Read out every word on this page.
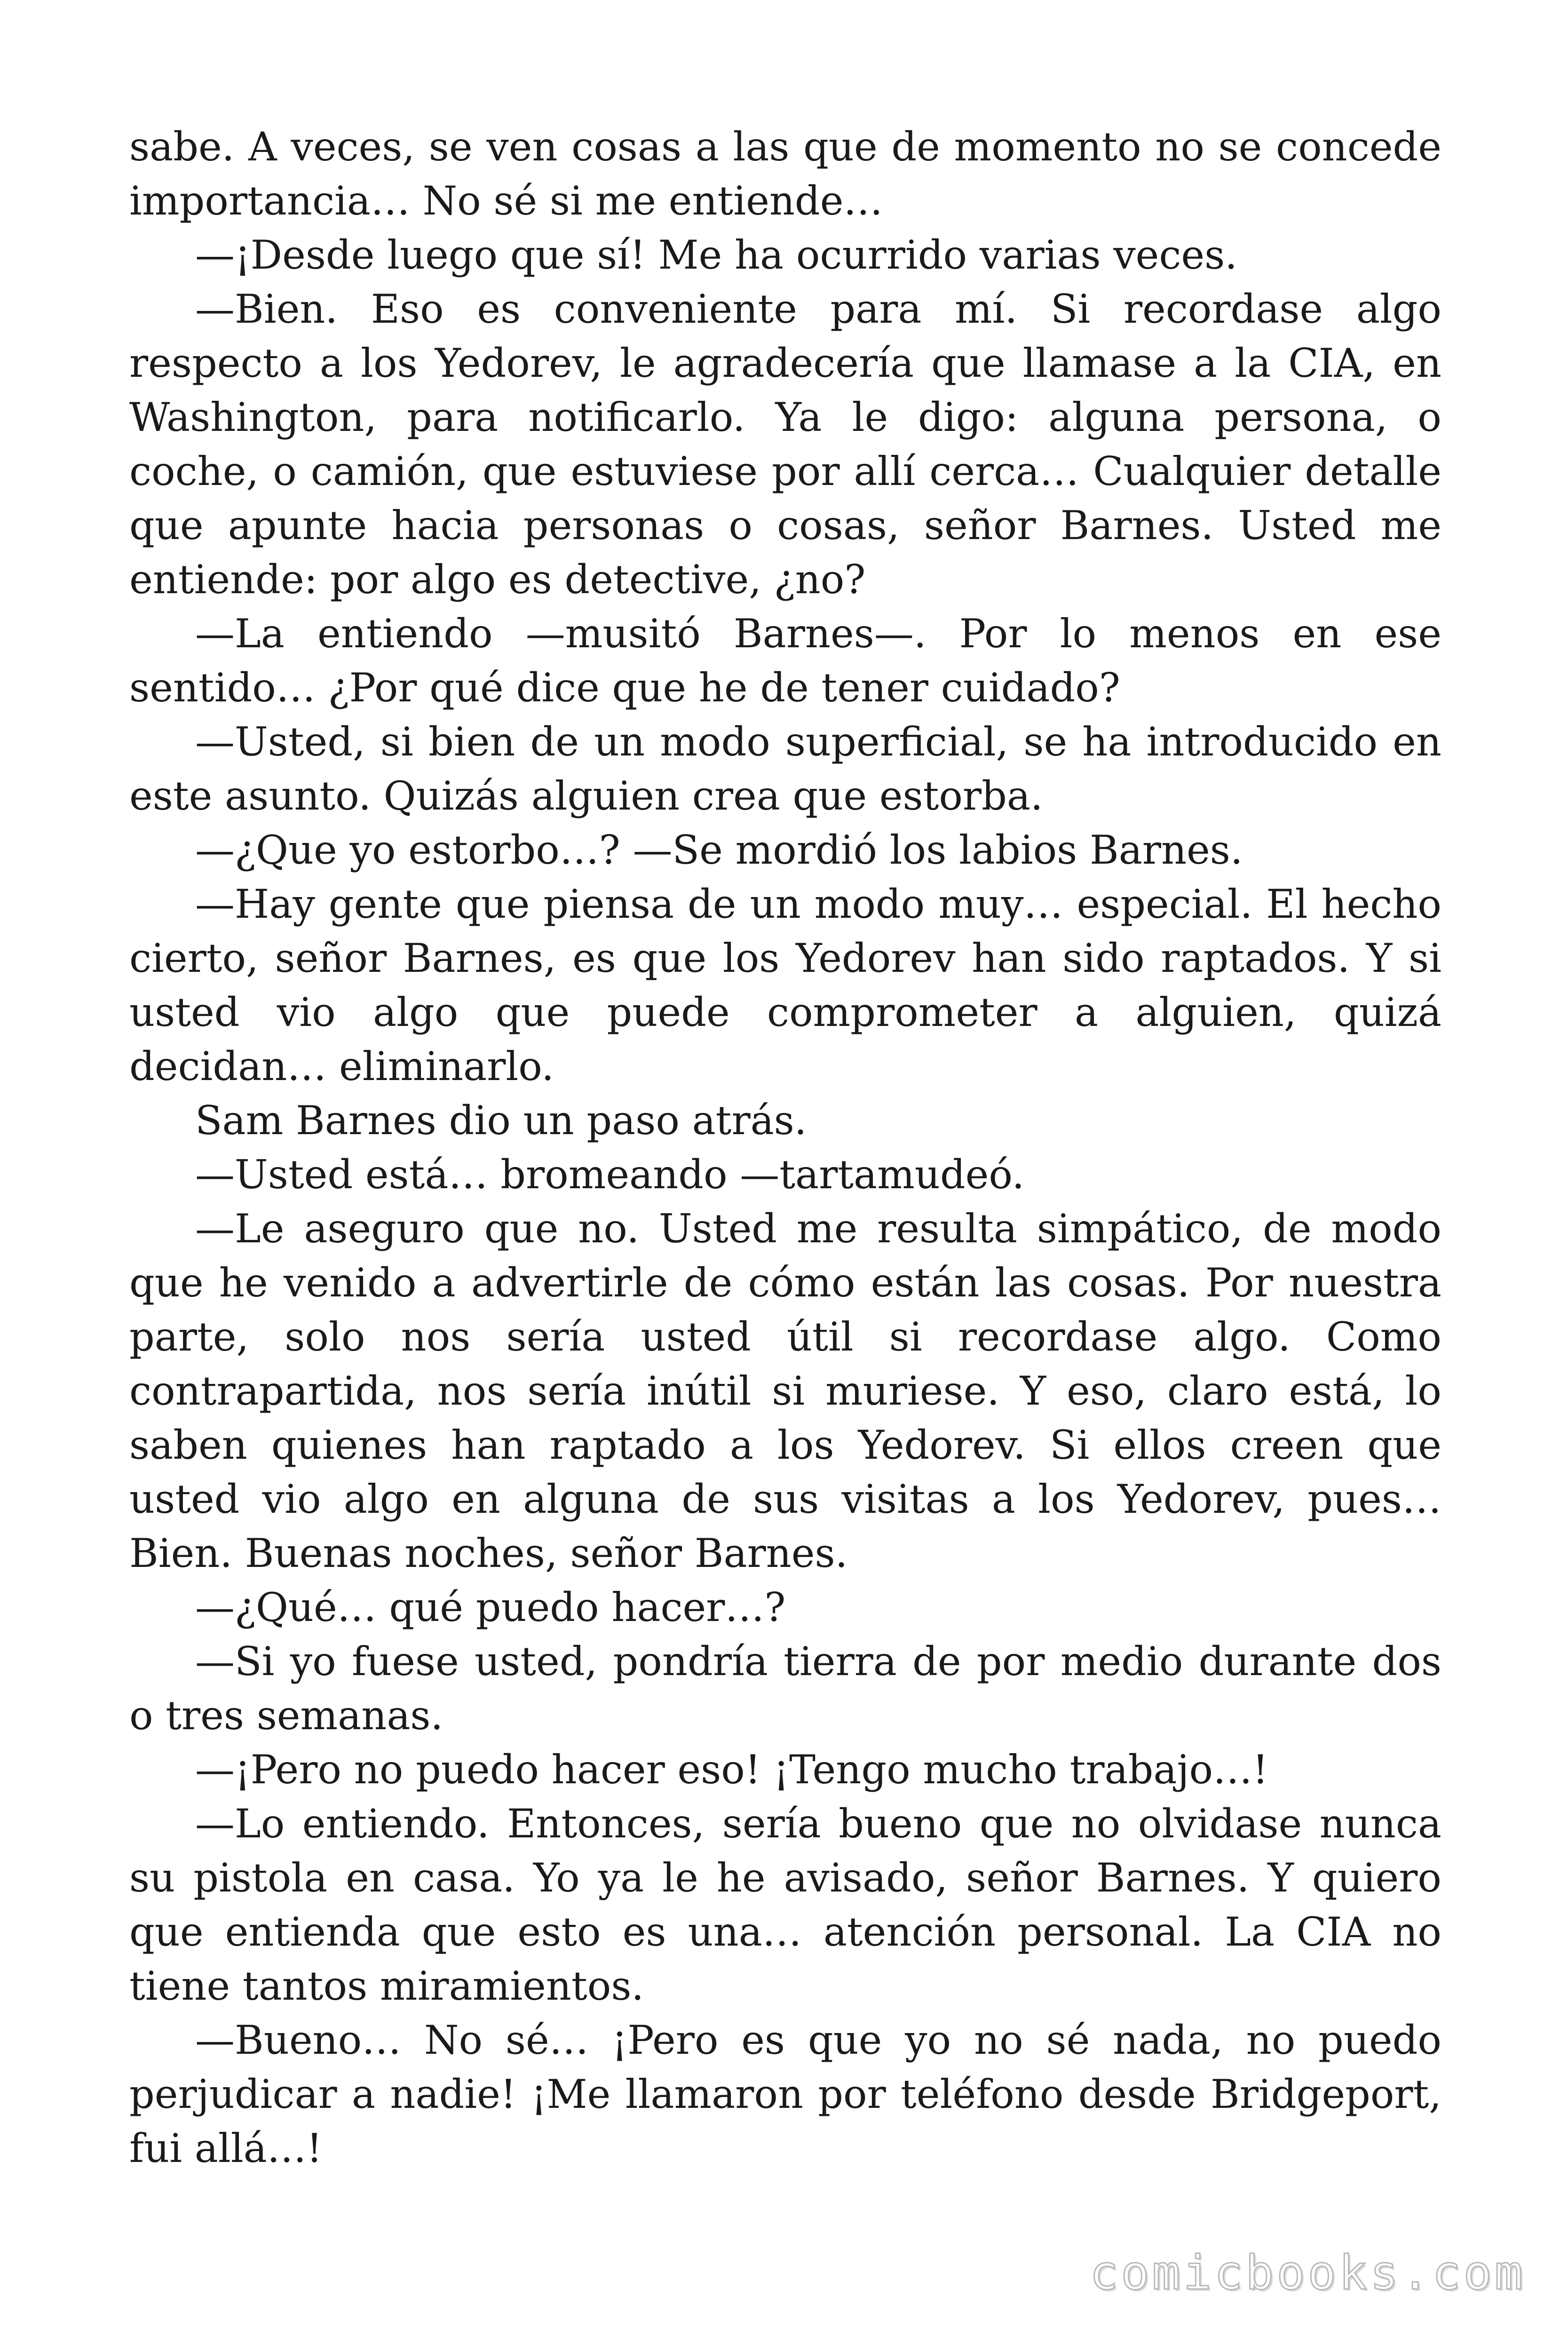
sabe. A veces, se ven cosas a las que de momento no se concede importancia… No sé si me entiende…

—¡Desde luego que sí! Me ha ocurrido varias veces.

—Bien. Eso es conveniente para mí. Si recordase algo respecto a los Yedorev, le agradecería que llamase a la CIA, en Washington, para notificarlo. Ya le digo: alguna persona, o coche, o camión, que estuviese por allí cerca… Cualquier detalle que apunte hacia personas o cosas, señor Barnes. Usted me entiende: por algo es detective, ¿no?

—La entiendo —musitó Barnes—. Por lo menos en ese sentido… ¿Por qué dice que he de tener cuidado?

—Usted, si bien de un modo superficial, se ha introducido en este asunto. Quizás alguien crea que estorba.

—¿Que yo estorbo…? —Se mordió los labios Barnes.

—Hay gente que piensa de un modo muy… especial. El hecho cierto, señor Barnes, es que los Yedorev han sido raptados. Y si usted vio algo que puede comprometer a alguien, quizá decidan… eliminarlo.

Sam Barnes dio un paso atrás.

—Usted está… bromeando —tartamudeó.

—Le aseguro que no. Usted me resulta simpático, de modo que he venido a advertirle de cómo están las cosas. Por nuestra parte, solo nos sería usted útil si recordase algo. Como contrapartida, nos sería inútil si muriese. Y eso, claro está, lo saben quienes han raptado a los Yedorev. Si ellos creen que usted vio algo en alguna de sus visitas a los Yedorev, pues… Bien. Buenas noches, señor Barnes.

—¿Qué… qué puedo hacer…?

—Si yo fuese usted, pondría tierra de por medio durante dos o tres semanas.

—¡Pero no puedo hacer eso! ¡Tengo mucho trabajo…!

—Lo entiendo. Entonces, sería bueno que no olvidase nunca su pistola en casa. Yo ya le he avisado, señor Barnes. Y quiero que entienda que esto es una… atención personal. La CIA no tiene tantos miramientos.

—Bueno… No sé… ¡Pero es que yo no sé nada, no puedo perjudicar a nadie! ¡Me llamaron por teléfono desde Bridgeport, fui allá…!

comicbooks.com
